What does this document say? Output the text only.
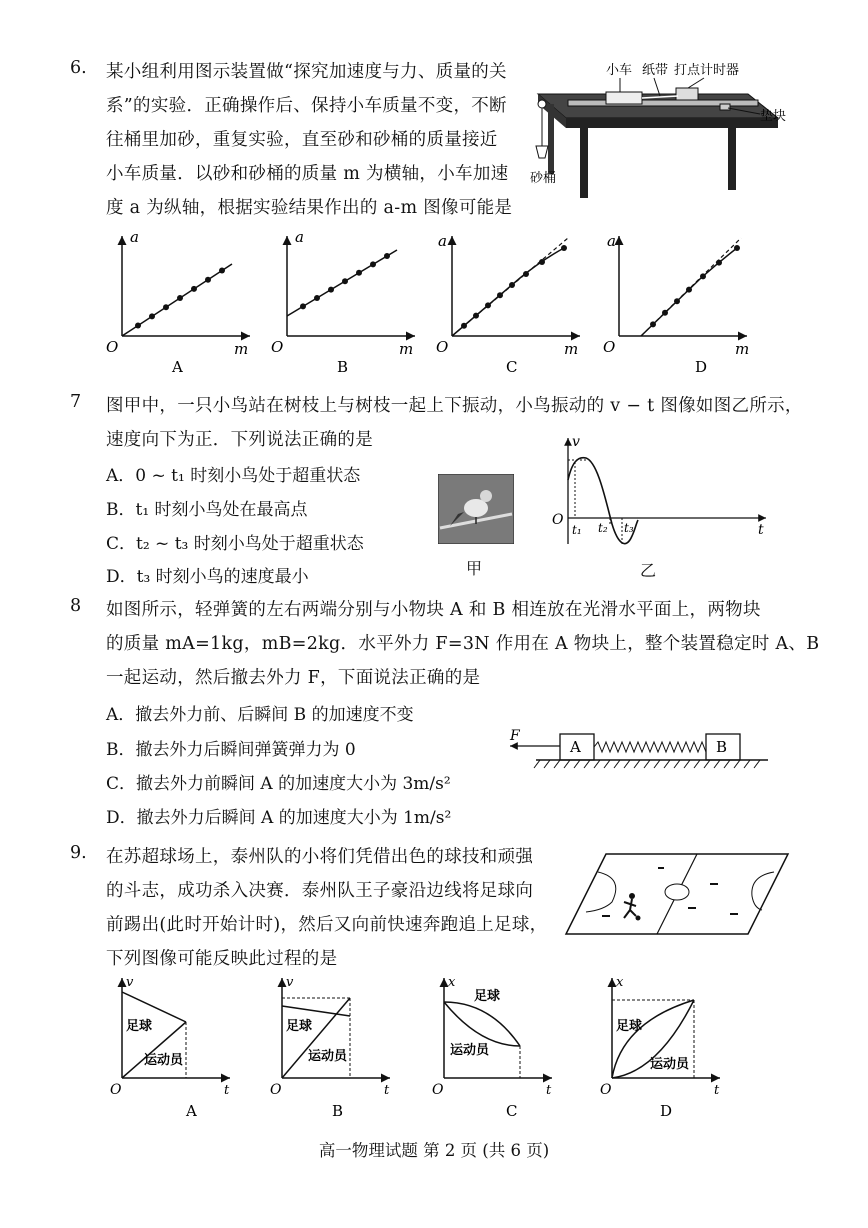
6. 某小组利用图示装置做“探究加速度与力、质量的关
系”的实验．正确操作后、保持小车质量不变，不断
往桶里加砂，重复实验，直至砂和砂桶的质量接近
小车质量．以砂和砂桶的质量 m 为横轴，小车加速
度 a 为纵轴，根据实验结果作出的 a-m 图像可能是
小车 纸带 打点计时器
垫块
砂桶
a
m
O
A
a
m
O
B
a
m
O
C
a
m
O
D
7 图甲中，一只小鸟站在树枝上与树枝一起上下振动，小鸟振动的 v − t 图像如图乙所示，
速度向下为正．下列说法正确的是
A．0 ~ t₁ 时刻小鸟处于超重状态
B．t₁ 时刻小鸟处在最高点
C．t₂ ~ t₃ 时刻小鸟处于超重状态
D．t₃ 时刻小鸟的速度最小	甲
v
O
t
t₁ t₂ t₃
乙
8 如图所示，轻弹簧的左右两端分别与小物块 A 和 B 相连放在光滑水平面上，两物块
的质量 mA=1kg，mB=2kg．水平外力 F=3N 作用在 A 物块上，整个装置稳定时 A、B
一起运动，然后撤去外力 F，下面说法正确的是
A．撤去外力前、后瞬间 B 的加速度不变
B．撤去外力后瞬间弹簧弹力为 0
C．撤去外力前瞬间 A 的加速度大小为 3m/s²
D．撤去外力后瞬间 A 的加速度大小为 1m/s²
F
A	B
9. 在苏超球场上，泰州队的小将们凭借出色的球技和顽强
的斗志，成功杀入决赛．泰州队王子豪沿边线将足球向
前踢出(此时开始计时)，然后又向前快速奔跑追上足球，
下列图像可能反映此过程的是
v
t
O
足球
运动员
A
v
t
O
足球
运动员
B
x
t
O
足球
运动员
C
x
t
O
足球
运动员
D
高一物理试题 第 2 页 (共 6 页)
